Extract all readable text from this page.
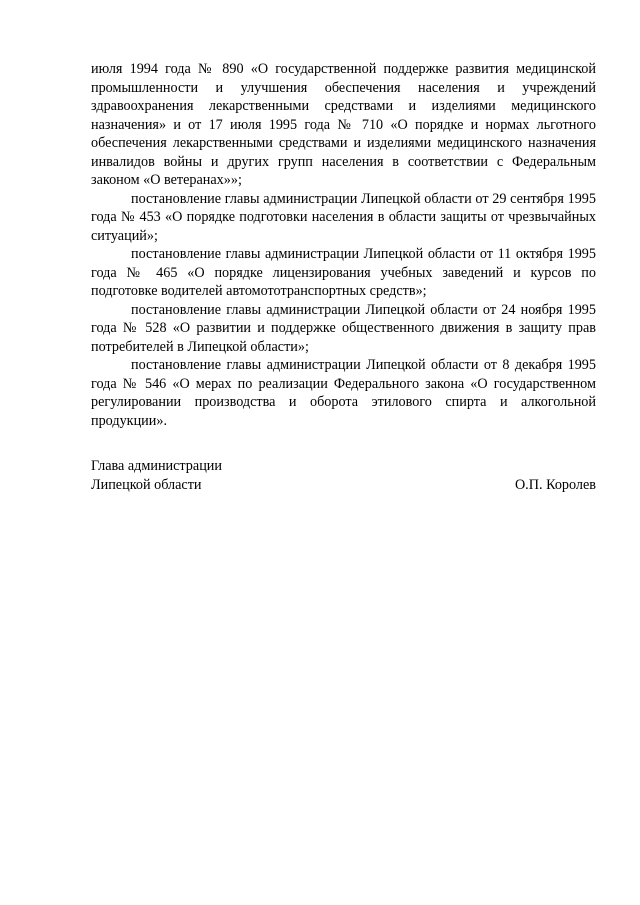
июля 1994 года № 890 «О государственной поддержке развития медицинской промышленности и улучшения обеспечения населения и учреждений здравоохранения лекарственными средствами и изделиями медицинского назначения» и от 17 июля 1995 года № 710 «О порядке и нормах льготного обеспечения лекарственными средствами и изделиями медицинского назначения инвалидов войны и других групп населения в соответствии с Федеральным законом «О ветеранах»»;

постановление главы администрации Липецкой области от 29 сентября 1995 года № 453 «О порядке подготовки населения в области защиты от чрезвычайных ситуаций»;

постановление главы администрации Липецкой области от 11 октября 1995 года № 465 «О порядке лицензирования учебных заведений и курсов по подготовке водителей автомототранспортных средств»;

постановление главы администрации Липецкой области от 24 ноября 1995 года № 528 «О развитии и поддержке общественного движения в защиту прав потребителей в Липецкой области»;

постановление главы администрации Липецкой области от 8 декабря 1995 года № 546 «О мерах по реализации Федерального закона «О государственном регулировании производства и оборота этилового спирта и алкогольной продукции».

Глава администрации
Липецкой области	О.П. Королев
